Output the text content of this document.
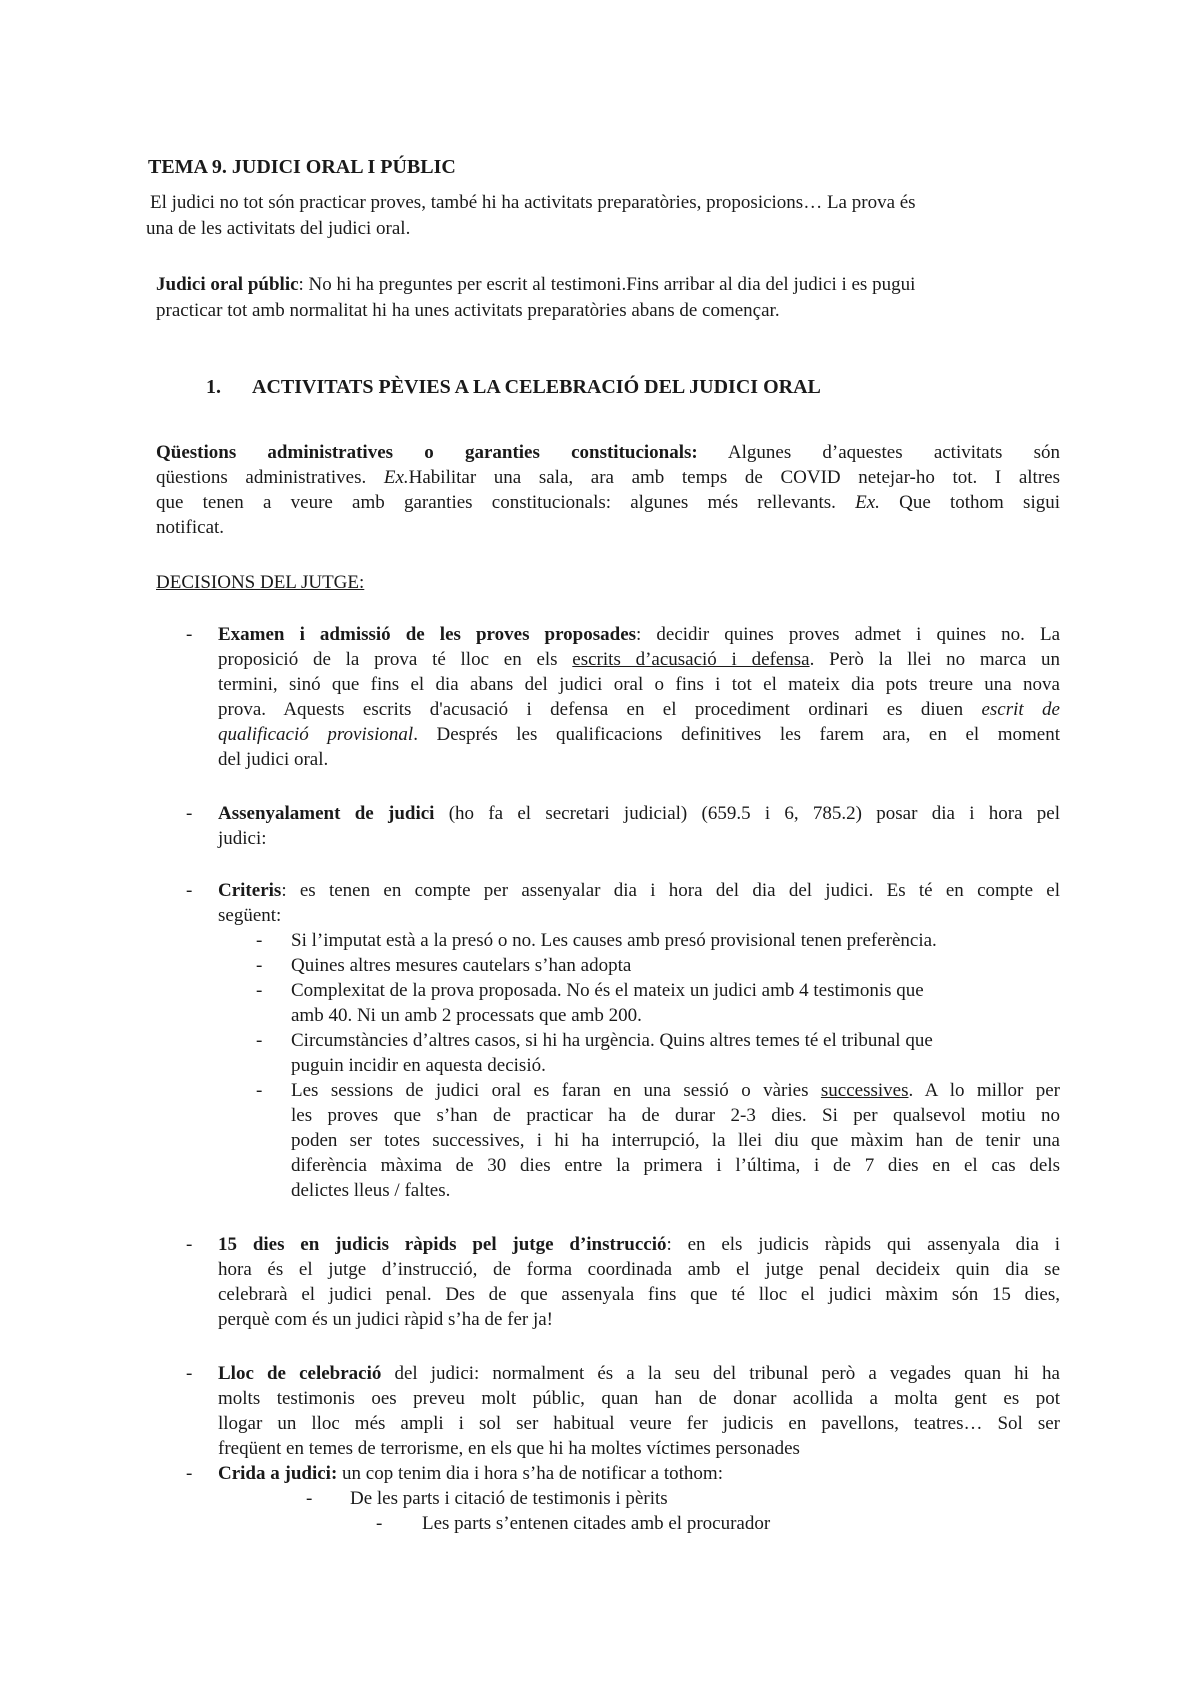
TEMA 9. JUDICI ORAL I PÚBLIC
El judici no tot són practicar proves, també hi ha activitats preparatòries, proposicions… La prova és
una de les activitats del judici oral.
Judici oral públic: No hi ha preguntes per escrit al testimoni.Fins arribar al dia del judici i es pugui
practicar tot amb normalitat hi ha unes activitats preparatòries abans de començar.
1. ACTIVITATS PÈVIES A LA CELEBRACIÓ DEL JUDICI ORAL
Qüestions administratives o garanties constitucionals: Algunes d’aquestes activitats són
qüestions administratives. Ex.Habilitar una sala, ara amb temps de COVID netejar-ho tot. I altres
que tenen a veure amb garanties constitucionals: algunes més rellevants. Ex. Que tothom sigui
notificat.
DECISIONS DEL JUTGE:
- Examen i admissió de les proves proposades: decidir quines proves admet i quines no. La
proposició de la prova té lloc en els escrits d’acusació i defensa. Però la llei no marca un
termini, sinó que fins el dia abans del judici oral o fins i tot el mateix dia pots treure una nova
prova. Aquests escrits d'acusació i defensa en el procediment ordinari es diuen escrit de
qualificació provisional. Després les qualificacions definitives les farem ara, en el moment
del judici oral.
- Assenyalament de judici (ho fa el secretari judicial) (659.5 i 6, 785.2) posar dia i hora pel
judici:
- Criteris: es tenen en compte per assenyalar dia i hora del dia del judici. Es té en compte el
següent:
- Si l’imputat està a la presó o no. Les causes amb presó provisional tenen preferència.
- Quines altres mesures cautelars s’han adopta
- Complexitat de la prova proposada. No és el mateix un judici amb 4 testimonis que
amb 40. Ni un amb 2 processats que amb 200.
- Circumstàncies d’altres casos, si hi ha urgència. Quins altres temes té el tribunal que
puguin incidir en aquesta decisió.
- Les sessions de judici oral es faran en una sessió o vàries successives. A lo millor per
les proves que s’han de practicar ha de durar 2-3 dies. Si per qualsevol motiu no
poden ser totes successives, i hi ha interrupció, la llei diu que màxim han de tenir una
diferència màxima de 30 dies entre la primera i l’última, i de 7 dies en el cas dels
delictes lleus / faltes.
- 15 dies en judicis ràpids pel jutge d’instrucció: en els judicis ràpids qui assenyala dia i
hora és el jutge d’instrucció, de forma coordinada amb el jutge penal decideix quin dia se
celebrarà el judici penal. Des de que assenyala fins que té lloc el judici màxim són 15 dies,
perquè com és un judici ràpid s’ha de fer ja!
- Lloc de celebració del judici: normalment és a la seu del tribunal però a vegades quan hi ha
molts testimonis oes preveu molt públic, quan han de donar acollida a molta gent es pot
llogar un lloc més ampli i sol ser habitual veure fer judicis en pavellons, teatres… Sol ser
freqüent en temes de terrorisme, en els que hi ha moltes víctimes personades
- Crida a judici: un cop tenim dia i hora s’ha de notificar a tothom:
- De les parts i citació de testimonis i pèrits
- Les parts s’entenen citades amb el procurador
